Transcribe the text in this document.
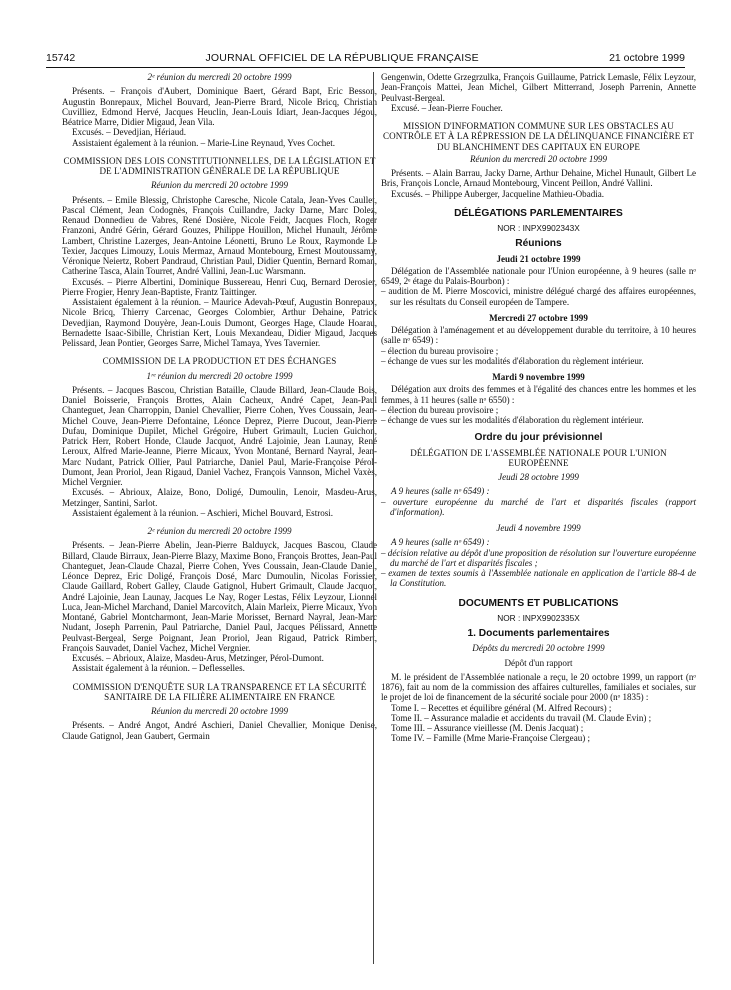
15742	JOURNAL OFFICIEL DE LA RÉPUBLIQUE FRANÇAISE	21 octobre 1999

2ᵉ réunion du mercredi 20 octobre 1999

Présents. – François d'Aubert, Dominique Baert, Gérard Bapt, Eric Besson, Augustin Bonrepaux, Michel Bouvard, Jean-Pierre Brard, Nicole Bricq, Christian Cuvilliez, Edmond Hervé, Jacques Heuclin, Jean-Louis Idiart, Jean-Jacques Jégou, Béatrice Marre, Didier Migaud, Jean Vila.

Excusés. – Devedjian, Hériaud.

Assistaient également à la réunion. – Marie-Line Reynaud, Yves Cochet.

COMMISSION DES LOIS CONSTITUTIONNELLES, DE LA LÉGISLATION ET DE L'ADMINISTRATION GÉNÉRALE DE LA RÉPUBLIQUE

Réunion du mercredi 20 octobre 1999

Présents. – Emile Blessig, Christophe Caresche, Nicole Catala, Jean-Yves Caullet, Pascal Clément, Jean Codognès, François Cuillandre, Jacky Darne, Marc Dolez, Renaud Donnedieu de Vabres, René Dosière, Nicole Feidt, Jacques Floch, Roger Franzoni, André Gérin, Gérard Gouzes, Philippe Houillon, Michel Hunault, Jérôme Lambert, Christine Lazerges, Jean-Antoine Léonetti, Bruno Le Roux, Raymonde Le Texier, Jacques Limouzy, Louis Mermaz, Arnaud Montebourg, Ernest Moutoussamy, Véronique Neiertz, Robert Pandraud, Christian Paul, Didier Quentin, Bernard Roman, Catherine Tasca, Alain Tourret, André Vallini, Jean-Luc Warsmann.

Excusés. – Pierre Albertini, Dominique Bussereau, Henri Cuq, Bernard Derosier, Pierre Frogier, Henry Jean-Baptiste, Frantz Taittinger.

Assistaient également à la réunion. – Maurice Adevah-Pœuf, Augustin Bonrepaux, Nicole Bricq, Thierry Carcenac, Georges Colombier, Arthur Dehaine, Patrick Devedjian, Raymond Douyère, Jean-Louis Dumont, Georges Hage, Claude Hoarau, Bernadette Isaac-Sibille, Christian Kert, Louis Mexandeau, Didier Migaud, Jacques Pelissard, Jean Pontier, Georges Sarre, Michel Tamaya, Yves Tavernier.

COMMISSION DE LA PRODUCTION ET DES ÉCHANGES

1ʳᵉ réunion du mercredi 20 octobre 1999

Présents. – Jacques Bascou, Christian Bataille, Claude Billard, Jean-Claude Bois, Daniel Boisserie, François Brottes, Alain Cacheux, André Capet, Jean-Paul Chanteguet, Jean Charroppin, Daniel Chevallier, Pierre Cohen, Yves Coussain, Jean-Michel Couve, Jean-Pierre Defontaine, Léonce Deprez, Pierre Ducout, Jean-Pierre Dufau, Dominique Dupilet, Michel Grégoire, Hubert Grimault, Lucien Guichon, Patrick Herr, Robert Honde, Claude Jacquot, André Lajoinie, Jean Launay, René Leroux, Alfred Marie-Jeanne, Pierre Micaux, Yvon Montané, Bernard Nayral, Jean-Marc Nudant, Patrick Ollier, Paul Patriarche, Daniel Paul, Marie-Françoise Pérol-Dumont, Jean Proriol, Jean Rigaud, Daniel Vachez, François Vannson, Michel Vaxès, Michel Vergnier.

Excusés. – Abrioux, Alaize, Bono, Doligé, Dumoulin, Lenoir, Masdeu-Arus, Metzinger, Santini, Sarlot.

Assistaient également à la réunion. – Aschieri, Michel Bouvard, Estrosi.

2ᵉ réunion du mercredi 20 octobre 1999

Présents. – Jean-Pierre Abelin, Jean-Pierre Balduyck, Jacques Bascou, Claude Billard, Claude Birraux, Jean-Pierre Blazy, Maxime Bono, François Brottes, Jean-Paul Chanteguet, Jean-Claude Chazal, Pierre Cohen, Yves Coussain, Jean-Claude Daniel, Léonce Deprez, Eric Doligé, François Dosé, Marc Dumoulin, Nicolas Forissier, Claude Gaillard, Robert Galley, Claude Gatignol, Hubert Grimault, Claude Jacquot, André Lajoinie, Jean Launay, Jacques Le Nay, Roger Lestas, Félix Leyzour, Lionnel Luca, Jean-Michel Marchand, Daniel Marcovitch, Alain Marleix, Pierre Micaux, Yvon Montané, Gabriel Montcharmont, Jean-Marie Morisset, Bernard Nayral, Jean-Marc Nudant, Joseph Parrenin, Paul Patriarche, Daniel Paul, Jacques Pélissard, Annette Peulvast-Bergeal, Serge Poignant, Jean Proriol, Jean Rigaud, Patrick Rimbert, François Sauvadet, Daniel Vachez, Michel Vergnier.

Excusés. – Abrioux, Alaize, Masdeu-Arus, Metzinger, Pérol-Dumont.

Assistait également à la réunion. – Deflesselles.

COMMISSION D'ENQUÊTE SUR LA TRANSPARENCE ET LA SÉCURITÉ SANITAIRE DE LA FILIÈRE ALIMENTAIRE EN FRANCE

Réunion du mercredi 20 octobre 1999

Présents. – André Angot, André Aschieri, Daniel Chevallier, Monique Denise, Claude Gatignol, Jean Gaubert, Germain

Gengenwin, Odette Grzegrzulka, François Guillaume, Patrick Lemasle, Félix Leyzour, Jean-François Mattei, Jean Michel, Gilbert Mitterrand, Joseph Parrenin, Annette Peulvast-Bergeal.

Excusé. – Jean-Pierre Foucher.

MISSION D'INFORMATION COMMUNE SUR LES OBSTACLES AU CONTRÔLE ET À LA RÉPRESSION DE LA DÉLINQUANCE FINANCIÈRE ET DU BLANCHIMENT DES CAPITAUX EN EUROPE

Réunion du mercredi 20 octobre 1999

Présents. – Alain Barrau, Jacky Darne, Arthur Dehaine, Michel Hunault, Gilbert Le Bris, François Loncle, Arnaud Montebourg, Vincent Peillon, André Vallini.

Excusés. – Philippe Auberger, Jacqueline Mathieu-Obadia.

DÉLÉGATIONS PARLEMENTAIRES

NOR : INPX9902343X

Réunions

Jeudi 21 octobre 1999

Délégation de l'Assemblée nationale pour l'Union européenne, à 9 heures (salle nᵒ 6549, 2ᵉ étage du Palais-Bourbon) :

– audition de M. Pierre Moscovici, ministre délégué chargé des affaires européennes, sur les résultats du Conseil européen de Tampere.

Mercredi 27 octobre 1999

Délégation à l'aménagement et au développement durable du territoire, à 10 heures (salle nᵒ 6549) :

– élection du bureau provisoire ;

– échange de vues sur les modalités d'élaboration du règlement intérieur.

Mardi 9 novembre 1999

Délégation aux droits des femmes et à l'égalité des chances entre les hommes et les femmes, à 11 heures (salle nᵒ 6550) :

– élection du bureau provisoire ;

– échange de vues sur les modalités d'élaboration du règlement intérieur.

Ordre du jour prévisionnel

DÉLÉGATION DE L'ASSEMBLÉE NATIONALE POUR L'UNION EUROPÉENNE

Jeudi 28 octobre 1999

A 9 heures (salle nᵒ 6549) :

– ouverture européenne du marché de l'art et disparités fiscales (rapport d'information).

Jeudi 4 novembre 1999

A 9 heures (salle nᵒ 6549) :

– décision relative au dépôt d'une proposition de résolution sur l'ouverture européenne du marché de l'art et disparités fiscales ;

– examen de textes soumis à l'Assemblée nationale en application de l'article 88-4 de la Constitution.

DOCUMENTS ET PUBLICATIONS

NOR : INPX9902335X

1. Documents parlementaires

Dépôts du mercredi 20 octobre 1999

Dépôt d'un rapport

M. le président de l'Assemblée nationale a reçu, le 20 octobre 1999, un rapport (nᵒ 1876), fait au nom de la commission des affaires culturelles, familiales et sociales, sur le projet de loi de financement de la sécurité sociale pour 2000 (nᵒ 1835) :

Tome I. – Recettes et équilibre général (M. Alfred Recours) ;

Tome II. – Assurance maladie et accidents du travail (M. Claude Evin) ;

Tome III. – Assurance vieillesse (M. Denis Jacquat) ;

Tome IV. – Famille (Mme Marie-Françoise Clergeau) ;
